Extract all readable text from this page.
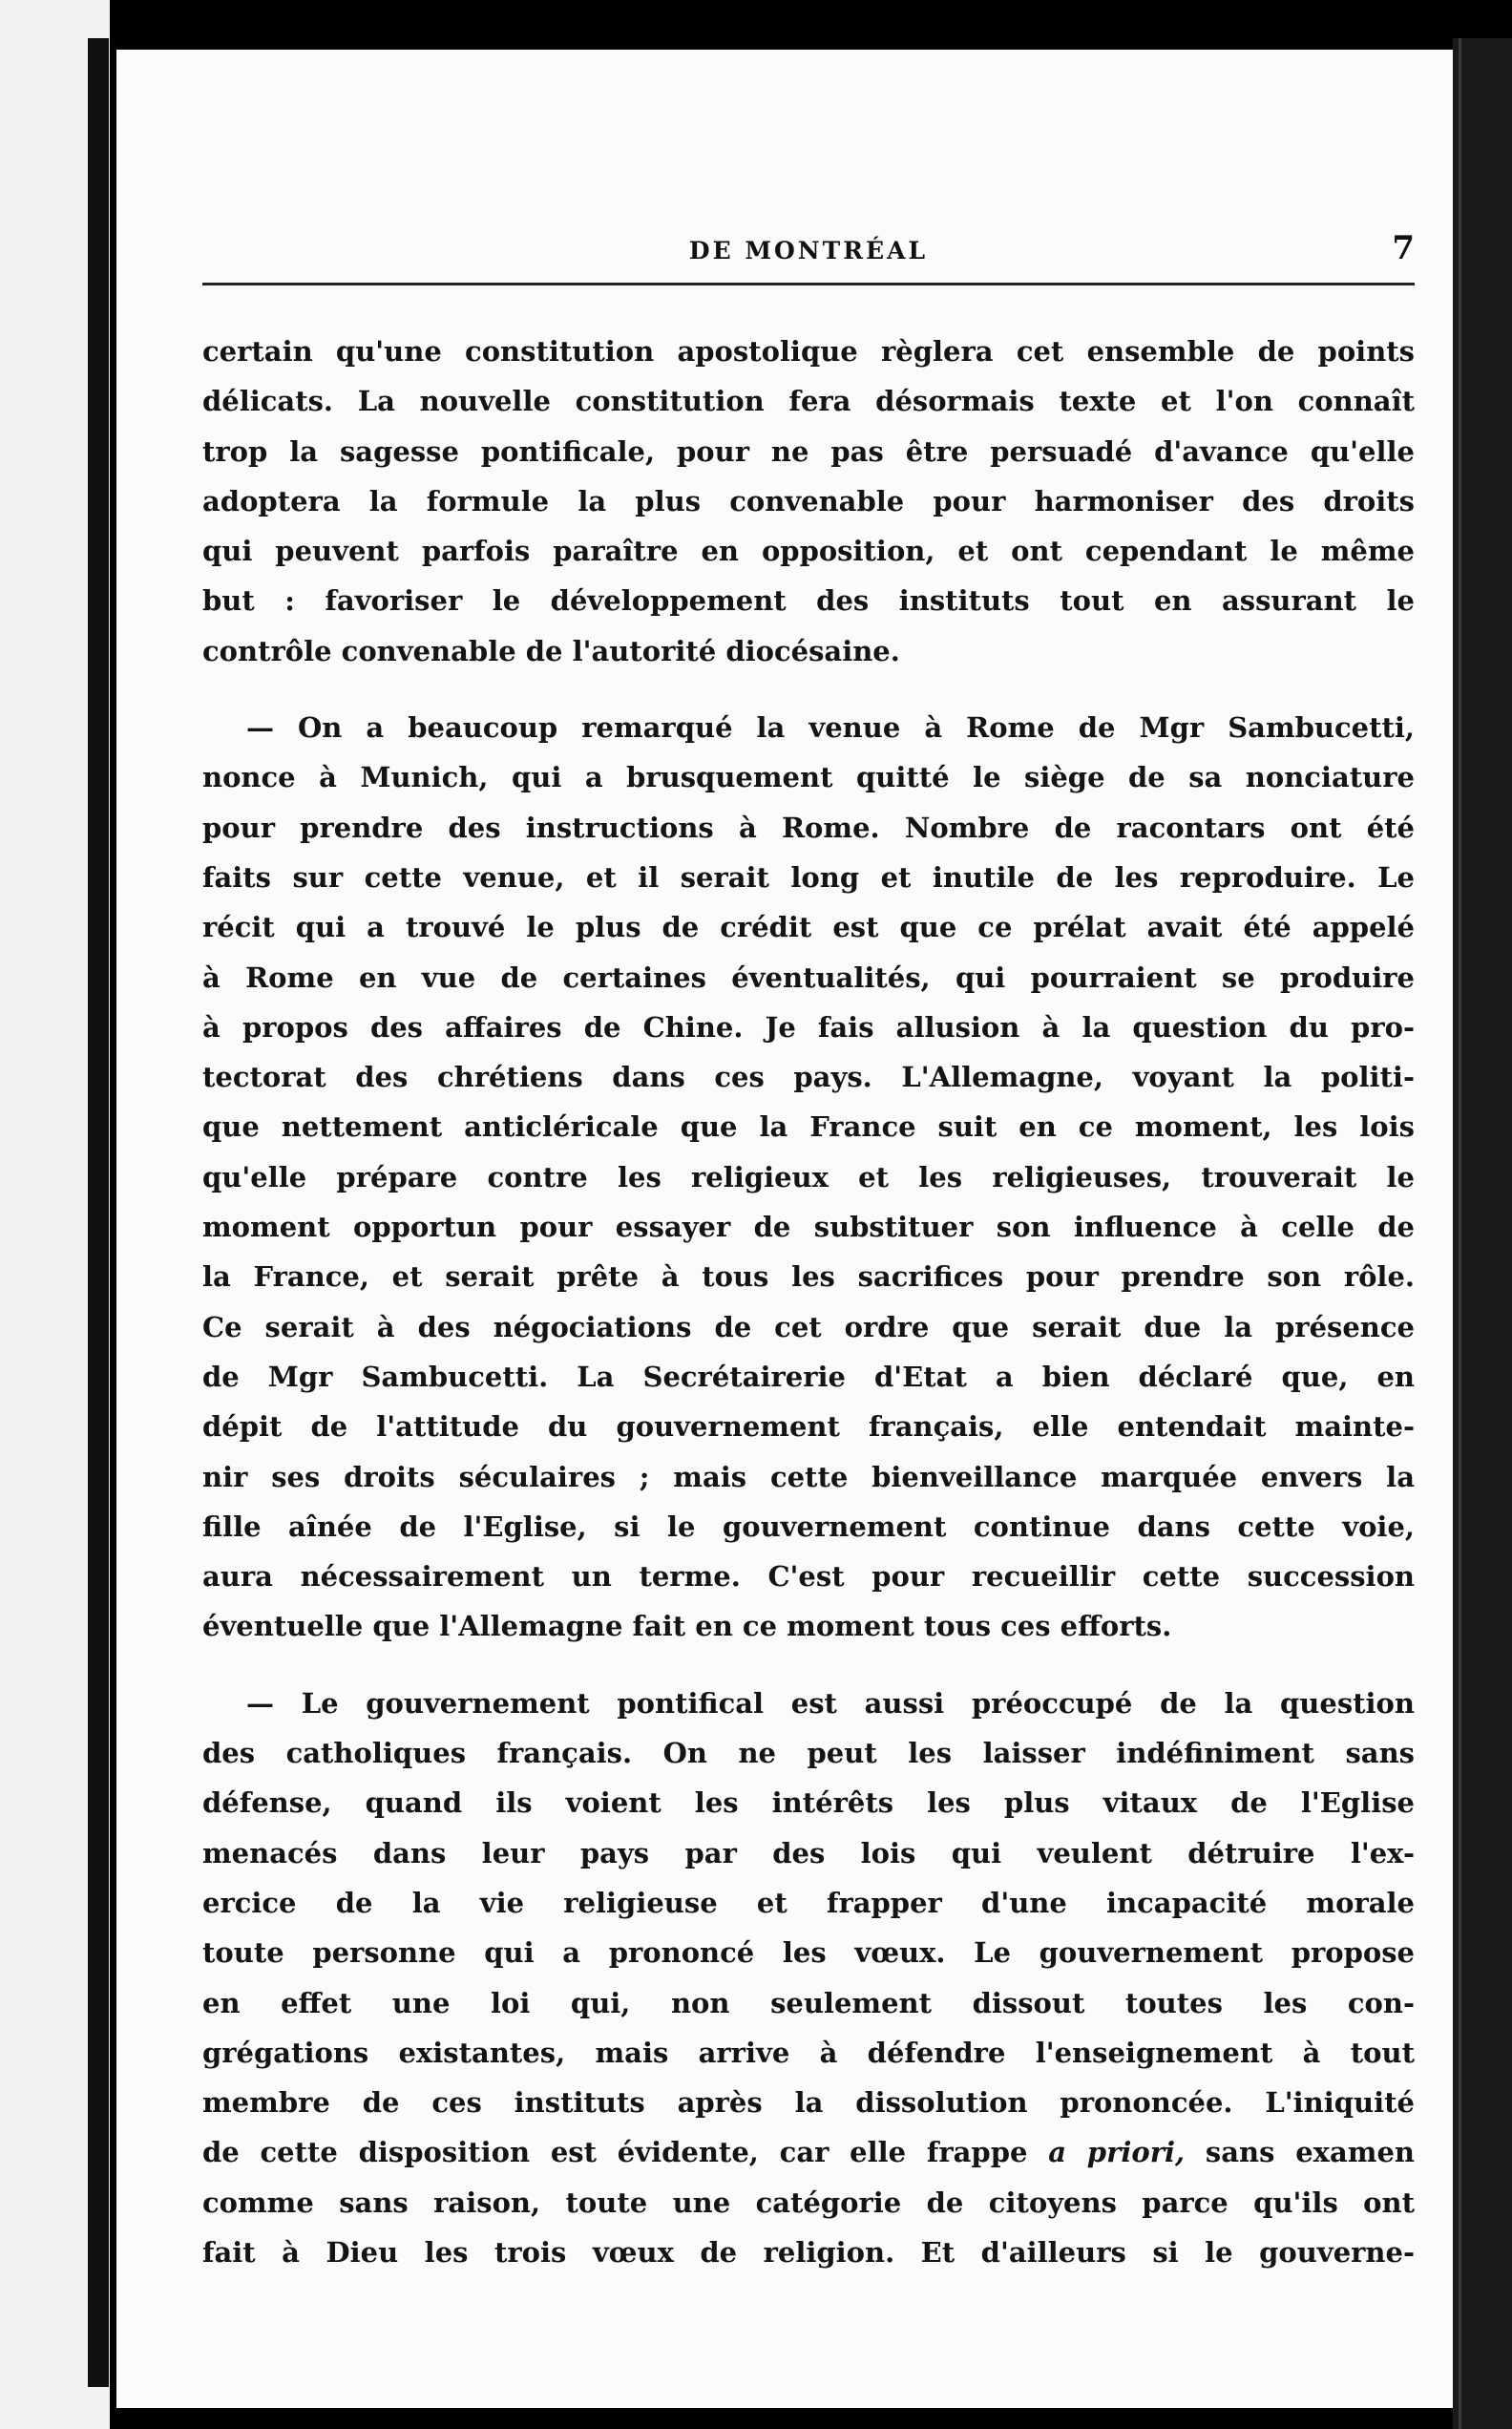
DE MONTRÉAL	7
certain qu'une constitution apostolique règlera cet ensemble de points
délicats. La nouvelle constitution fera désormais texte et l'on connaît
trop la sagesse pontificale, pour ne pas être persuadé d'avance qu'elle
adoptera la formule la plus convenable pour harmoniser des droits
qui peuvent parfois paraître en opposition, et ont cependant le même
but : favoriser le développement des instituts tout en assurant le
contrôle convenable de l'autorité diocésaine.
— On a beaucoup remarqué la venue à Rome de Mgr Sambucetti,
nonce à Munich, qui a brusquement quitté le siège de sa nonciature
pour prendre des instructions à Rome. Nombre de racontars ont été
faits sur cette venue, et il serait long et inutile de les reproduire. Le
récit qui a trouvé le plus de crédit est que ce prélat avait été appelé
à Rome en vue de certaines éventualités, qui pourraient se produire
à propos des affaires de Chine. Je fais allusion à la question du pro-
tectorat des chrétiens dans ces pays. L'Allemagne, voyant la politi-
que nettement anticléricale que la France suit en ce moment, les lois
qu'elle prépare contre les religieux et les religieuses, trouverait le
moment opportun pour essayer de substituer son influence à celle de
la France, et serait prête à tous les sacrifices pour prendre son rôle.
Ce serait à des négociations de cet ordre que serait due la présence
de Mgr Sambucetti. La Secrétairerie d'Etat a bien déclaré que, en
dépit de l'attitude du gouvernement français, elle entendait mainte-
nir ses droits séculaires ; mais cette bienveillance marquée envers la
fille aînée de l'Eglise, si le gouvernement continue dans cette voie,
aura nécessairement un terme. C'est pour recueillir cette succession
éventuelle que l'Allemagne fait en ce moment tous ces efforts.
— Le gouvernement pontifical est aussi préoccupé de la question
des catholiques français. On ne peut les laisser indéfiniment sans
défense, quand ils voient les intérêts les plus vitaux de l'Eglise
menacés dans leur pays par des lois qui veulent détruire l'ex-
ercice de la vie religieuse et frapper d'une incapacité morale
toute personne qui a prononcé les vœux. Le gouvernement propose
en effet une loi qui, non seulement dissout toutes les con-
grégations existantes, mais arrive à défendre l'enseignement à tout
membre de ces instituts après la dissolution prononcée. L'iniquité
de cette disposition est évidente, car elle frappe a priori, sans examen
comme sans raison, toute une catégorie de citoyens parce qu'ils ont
fait à Dieu les trois vœux de religion. Et d'ailleurs si le gouverne-
